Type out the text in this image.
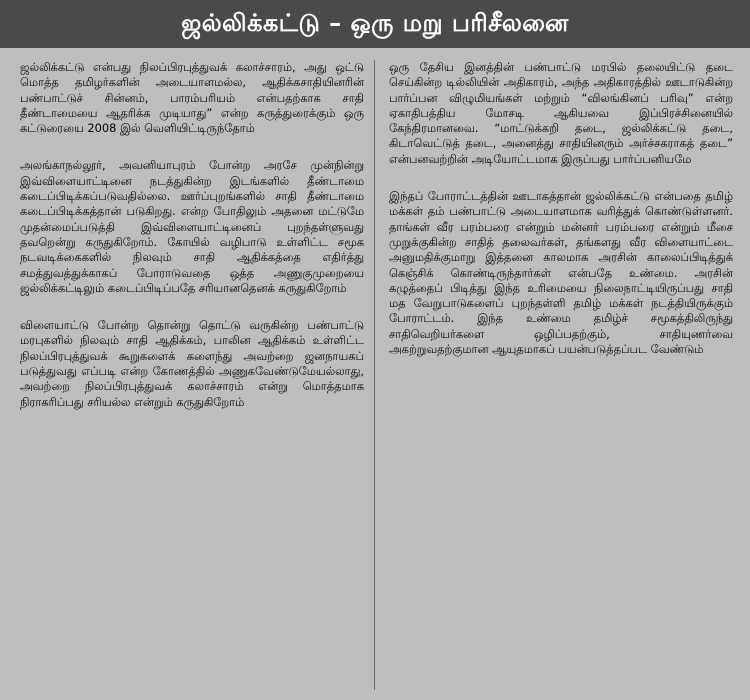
ஜல்லிக்கட்டு – ஒரு மறு பரிசீலனை

ஜல்லிக்கட்டு என்பது நிலப்பிரபுத்துவக் கலாச்சாரம், அது ஒட்டு மொத்த தமிழர்களின் அடையாளமல்ல, ஆதிக்கசாதியினரின் பண்பாட்டுச் சின்னம், பாரம்பரியம் என்பதற்காக சாதி தீண்டாமையை ஆதரிக்க முடியாது” என்ற கருத்துரைக்கும் ஒரு கட்டுரையை 2008 இல் வெளியிட்டிருந்தோம்

அலங்காநல்லூர், அவனியாபுரம் போன்ற அரசே முன்நின்று இவ்விளையாட்டினை நடத்துகின்ற இடங்களில் தீண்டாமை கடைப்பிடிக்கப்படுவதில்லை. ஊர்ப்புறங்களில் சாதி தீண்டாமை கடைப்பிடிக்கத்தான் படுகிறது. என்ற போதிலும் அதனை மட்டுமே முதன்மைப்படுத்தி இவ்விளையாட்டினைப் புறந்தள்ளுவது தவறென்று கருதுகிறோம். கோயில் வழிபாடு உள்ளிட்ட சமூக நடவடிக்கைகளில் நிலவும் சாதி ஆதிக்கத்தை எதிர்த்து சமத்துவத்துக்காகப் போராடுவதை ஒத்த அணுகுமுறையை ஜல்லிக்கட்டிலும் கடைப்பிடிப்பதே சரியானதெனக் கருதுகிறோம்

விளையாட்டு போன்ற தொன்று தொட்டு வருகின்ற பண்பாட்டு மரபுகளில் நிலவும் சாதி ஆதிக்கம், பாலின ஆதிக்கம் உள்ளிட்ட நிலப்பிரபுத்துவக் கூறுகளைக் களைந்து அவற்றை ஜனநாயகப் படுத்துவது எப்படி என்ற கோணத்தில் அணுகவேண்டுமேயல்லாது, அவற்றை நிலப்பிரபுத்துவக் கலாச்சாரம் என்று மொத்தமாக நிராகரிப்பது சரியல்ல என்றும் கருதுகிறோம்

ஒரு தேசிய இனத்தின் பண்பாட்டு மரபில் தலையிட்டு தடை செய்கின்ற டில்லியின் அதிகாரம், அந்த அதிகாரத்தில் ஊடாடுகின்ற பார்ப்பன விழுமியங்கள் மற்றும் “விலங்கினப் பரிவு” என்ற ஏகாதிபத்திய மோசடி ஆகியவை இப்பிரச்சினையில் கேந்திரமானவை. “மாட்டுக்கறி தடை, ஜல்லிக்கட்டு தடை, கிடாவெட்டுத் தடை, அனைத்து சாதியினரும் அர்ச்சகராகத் தடை” என்பனவற்றின் அடியோட்டமாக இருப்பது பார்ப்பனியமே

இந்தப் போராட்டத்தின் ஊடாகத்தான் ஜல்லிக்கட்டு என்பதை தமிழ் மக்கள் தம் பண்பாட்டு அடையாளமாக வரித்துக் கொண்டுள்ளனர். தாங்கள் வீர பரம்பரை என்றும் மன்னர் பரம்பரை என்றும் மீசை முறுக்குகின்ற சாதித் தலைவர்கள், தங்களது வீர விளையாட்டை அனுமதிக்குமாறு இத்தனை காலமாக அரசின் காலைப்பிடித்துக் கெஞ்சிக் கொண்டிருந்தார்கள் என்பதே உண்மை. அரசின் கழுத்தைப் பிடித்து இந்த உரிமையை நிலைநாட்டியிருப்பது சாதி மத வேறுபாடுகளைப் புறந்தள்ளி தமிழ் மக்கள் நடத்தியிருக்கும் போராட்டம். இந்த உண்மை தமிழ்ச் சமூகத்திலிருந்து சாதிவெறியர்களை ஒழிப்பதற்கும், சாதியுணர்வை அகற்றுவதற்குமான ஆயுதமாகப் பயன்படுத்தப்பட வேண்டும்
